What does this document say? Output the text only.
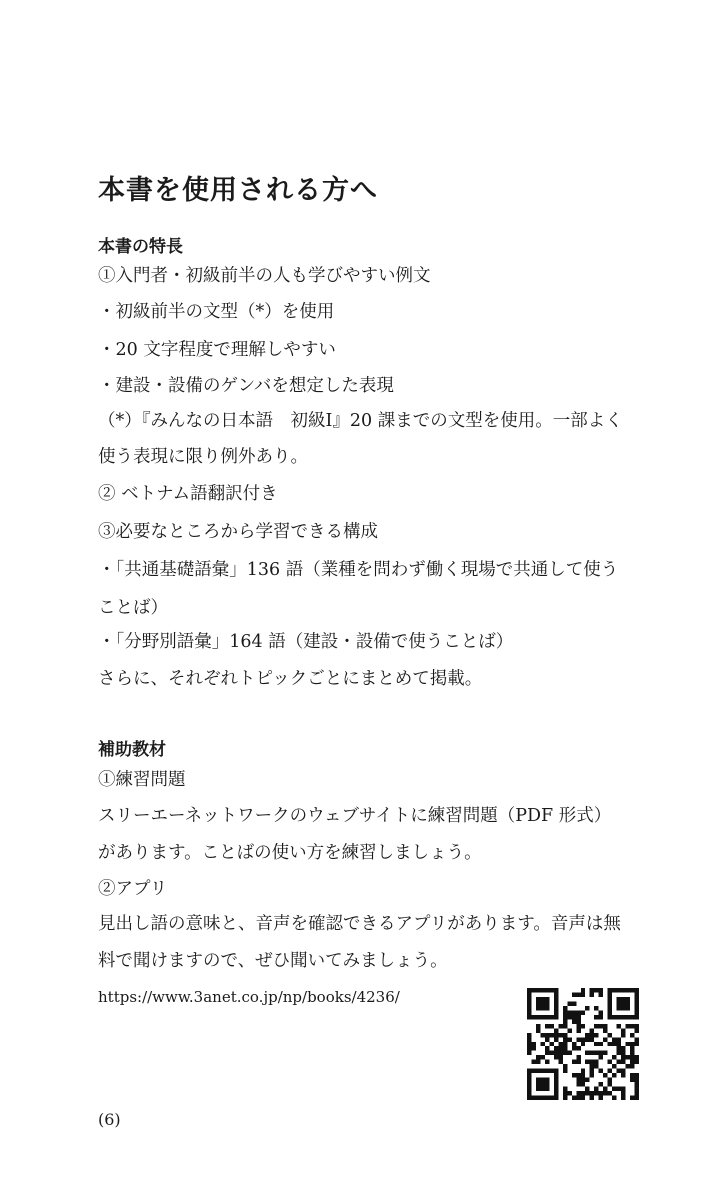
本書を使用される方へ
本書の特長

①入門者・初級前半の人も学びやすい例文

・初級前半の文型（*）を使用

・20 文字程度で理解しやすい

・建設・設備のゲンバを想定した表現

（*）『みんなの日本語　初級Ⅰ』20 課までの文型を使用。一部よく

使う表現に限り例外あり。

② ベトナム語翻訳付き

③必要なところから学習できる構成

・「共通基礎語彙」136 語（業種を問わず働く現場で共通して使う

ことば）

・「分野別語彙」164 語（建設・設備で使うことば）

さらに、それぞれトピックごとにまとめて掲載。

補助教材

①練習問題

スリーエーネットワークのウェブサイトに練習問題（PDF 形式）

があります。ことばの使い方を練習しましょう。

②アプリ

見出し語の意味と、音声を確認できるアプリがあります。音声は無

料で聞けますので、ぜひ聞いてみましょう。

https://www.3anet.co.jp/np/books/4236/
(6)
